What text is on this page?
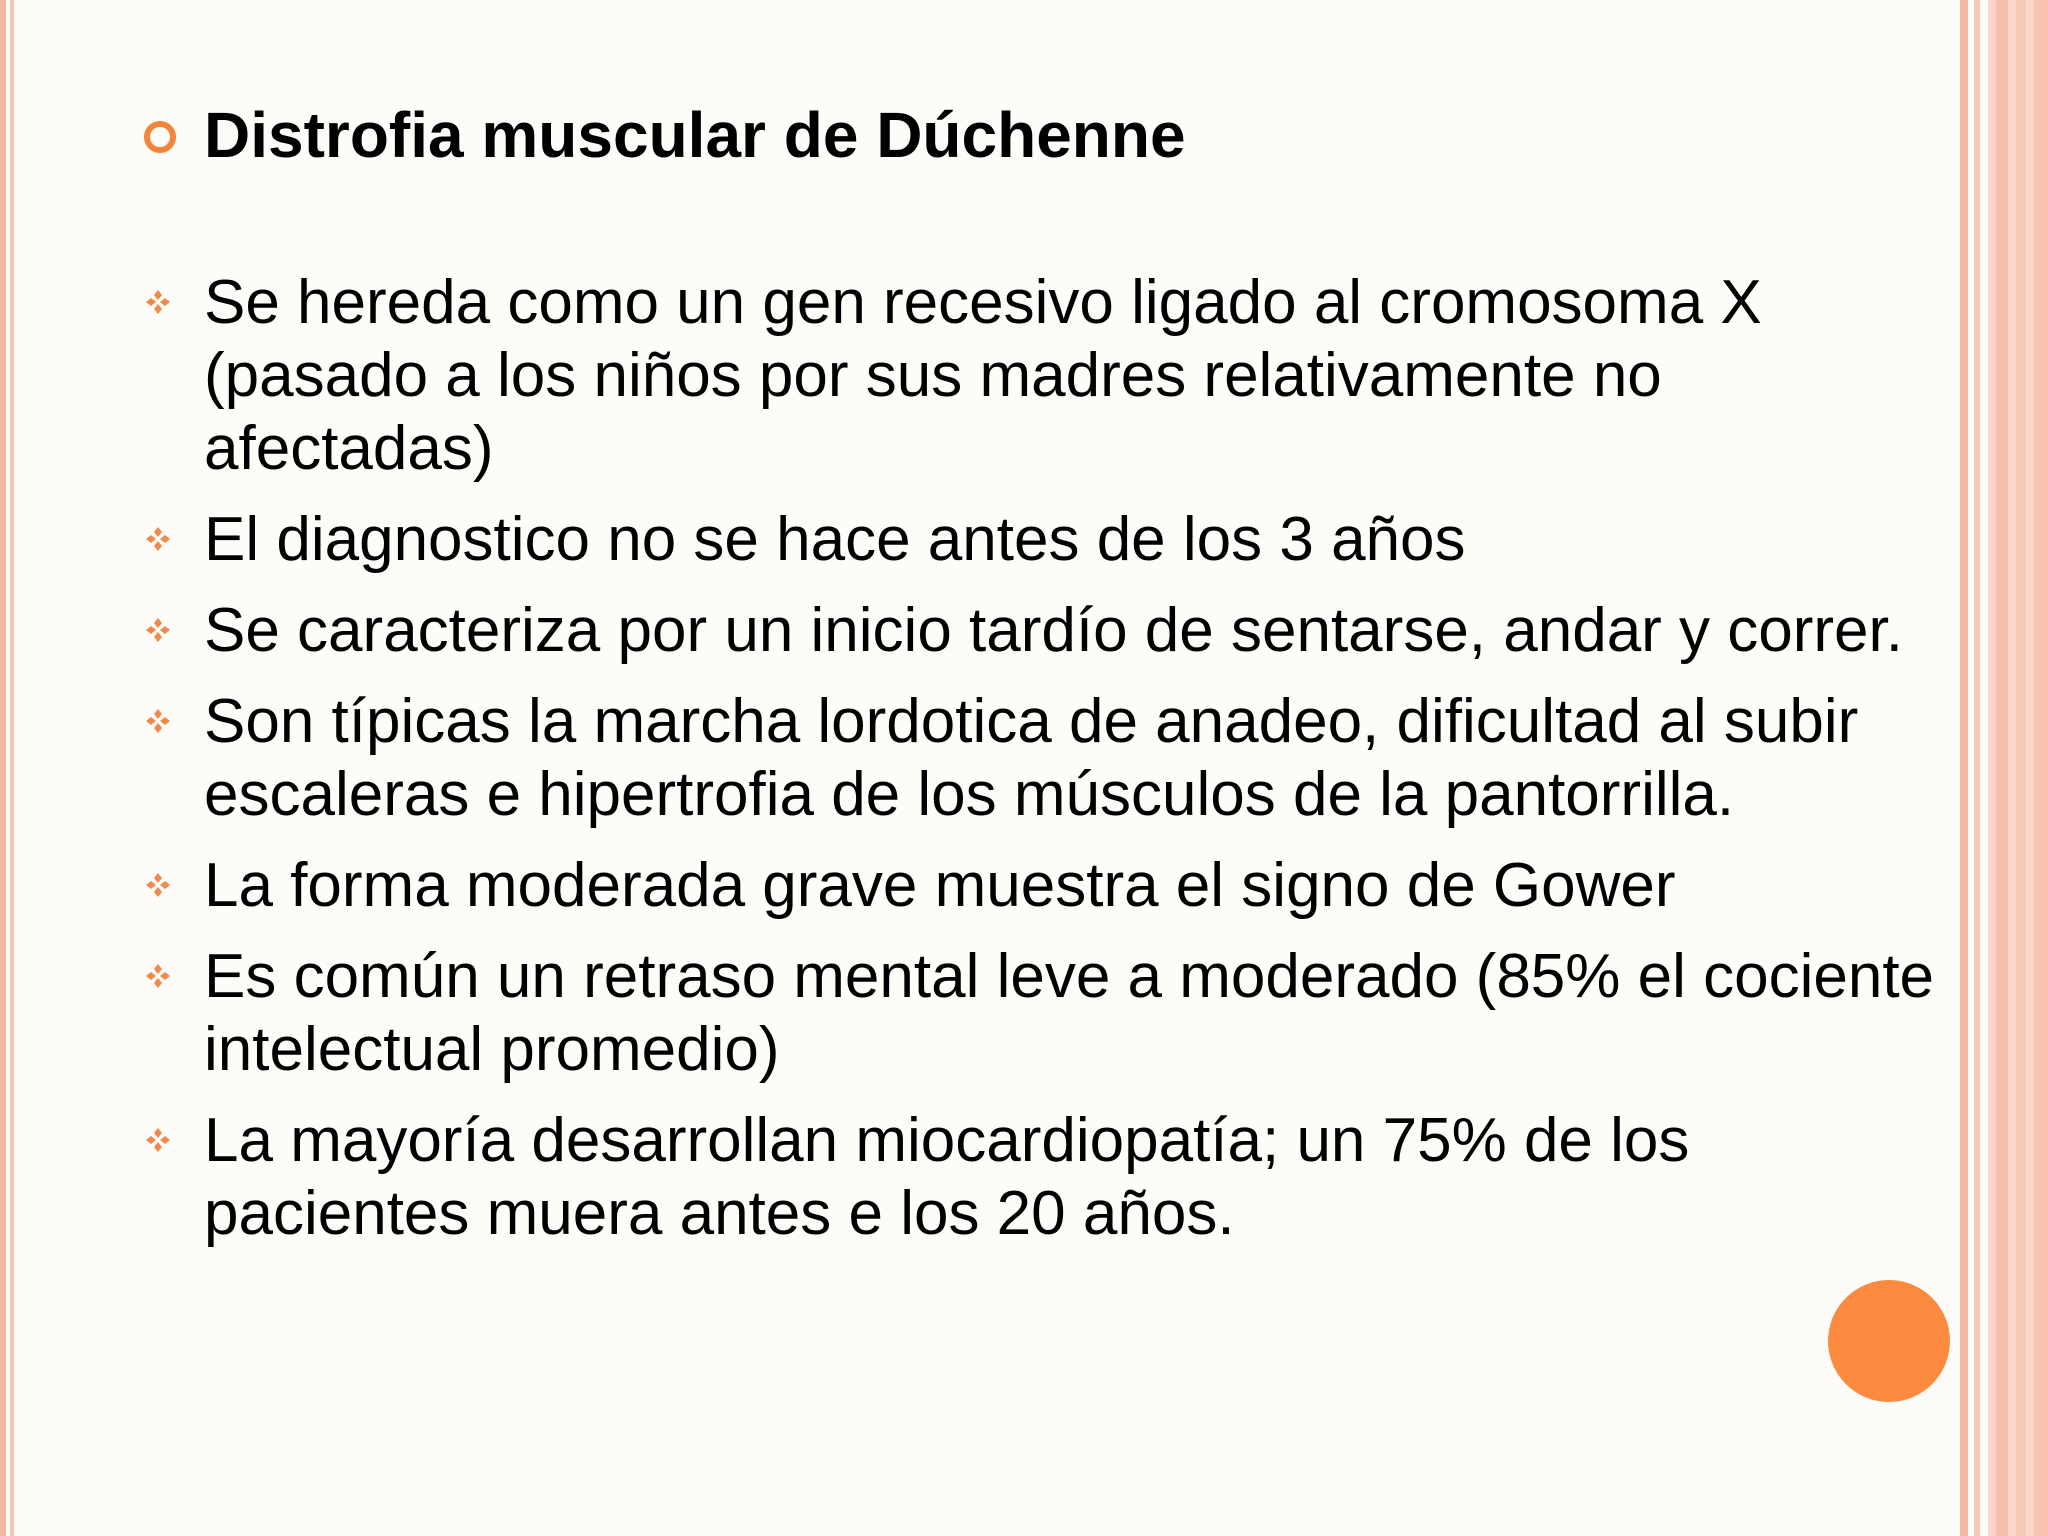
Distrofia muscular de Dúchenne
Se hereda como un gen recesivo ligado al cromosoma X (pasado a los niños por sus madres relativamente no afectadas)
El diagnostico no se hace antes de los 3 años
Se caracteriza por un inicio tardío de sentarse, andar y correr.
Son típicas la marcha lordotica de anadeo, dificultad al subir escaleras e hipertrofia de los músculos de la pantorrilla.
La forma moderada grave muestra el signo de Gower
Es común un retraso mental leve a moderado (85% el cociente intelectual promedio)
La mayoría desarrollan miocardiopatía; un 75% de los pacientes muera antes e los 20 años.
